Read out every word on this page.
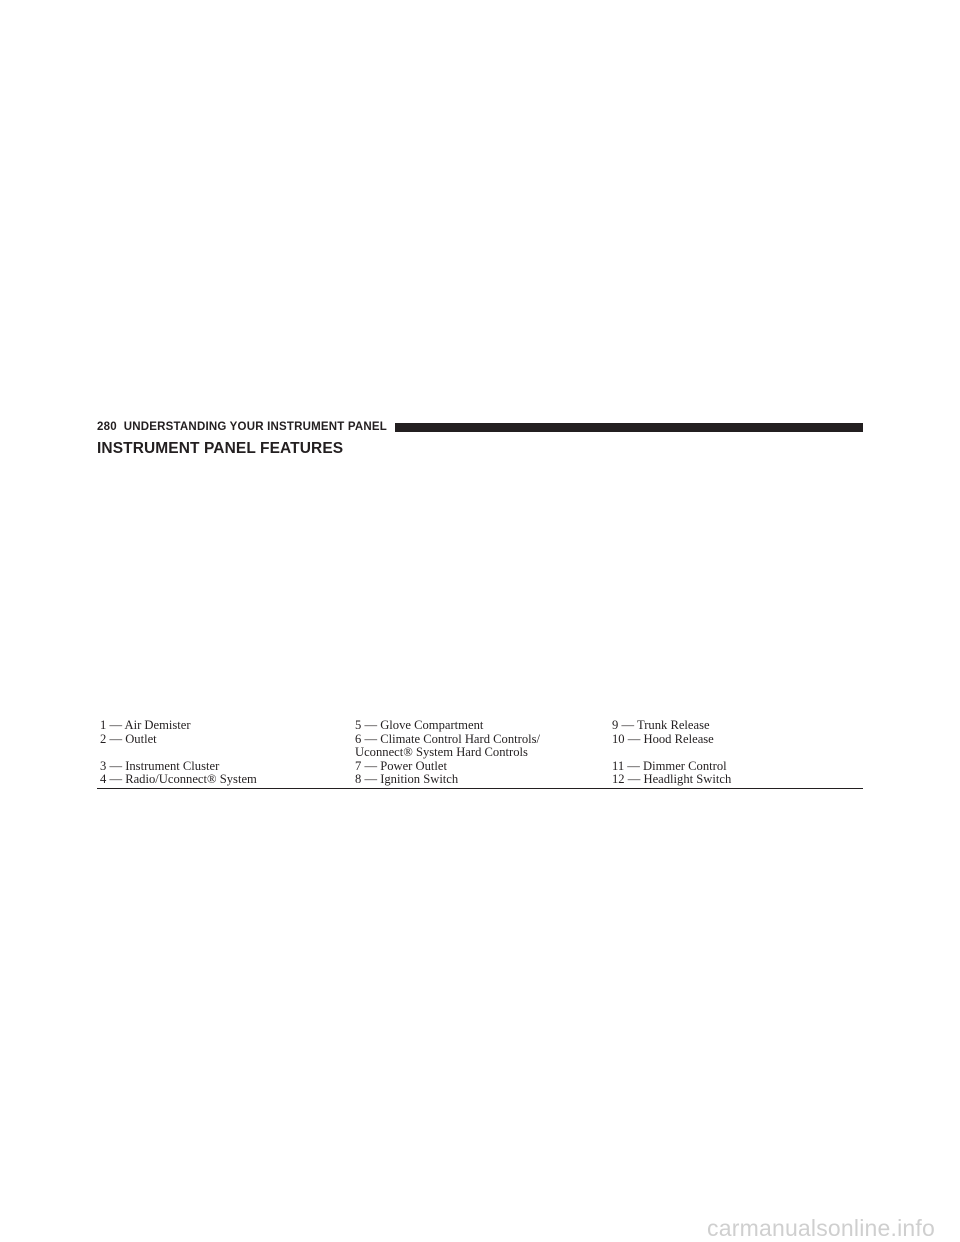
280 UNDERSTANDING YOUR INSTRUMENT PANEL
INSTRUMENT PANEL FEATURES
1 — Air Demister	5 — Glove Compartment	9 — Trunk Release
2 — Outlet	6 — Climate Control Hard Controls/	10 — Hood Release
Uconnect® System Hard Controls
3 — Instrument Cluster	7 — Power Outlet	11 — Dimmer Control
4 — Radio/Uconnect® System	8 — Ignition Switch	12 — Headlight Switch
carmanualsonline.info
